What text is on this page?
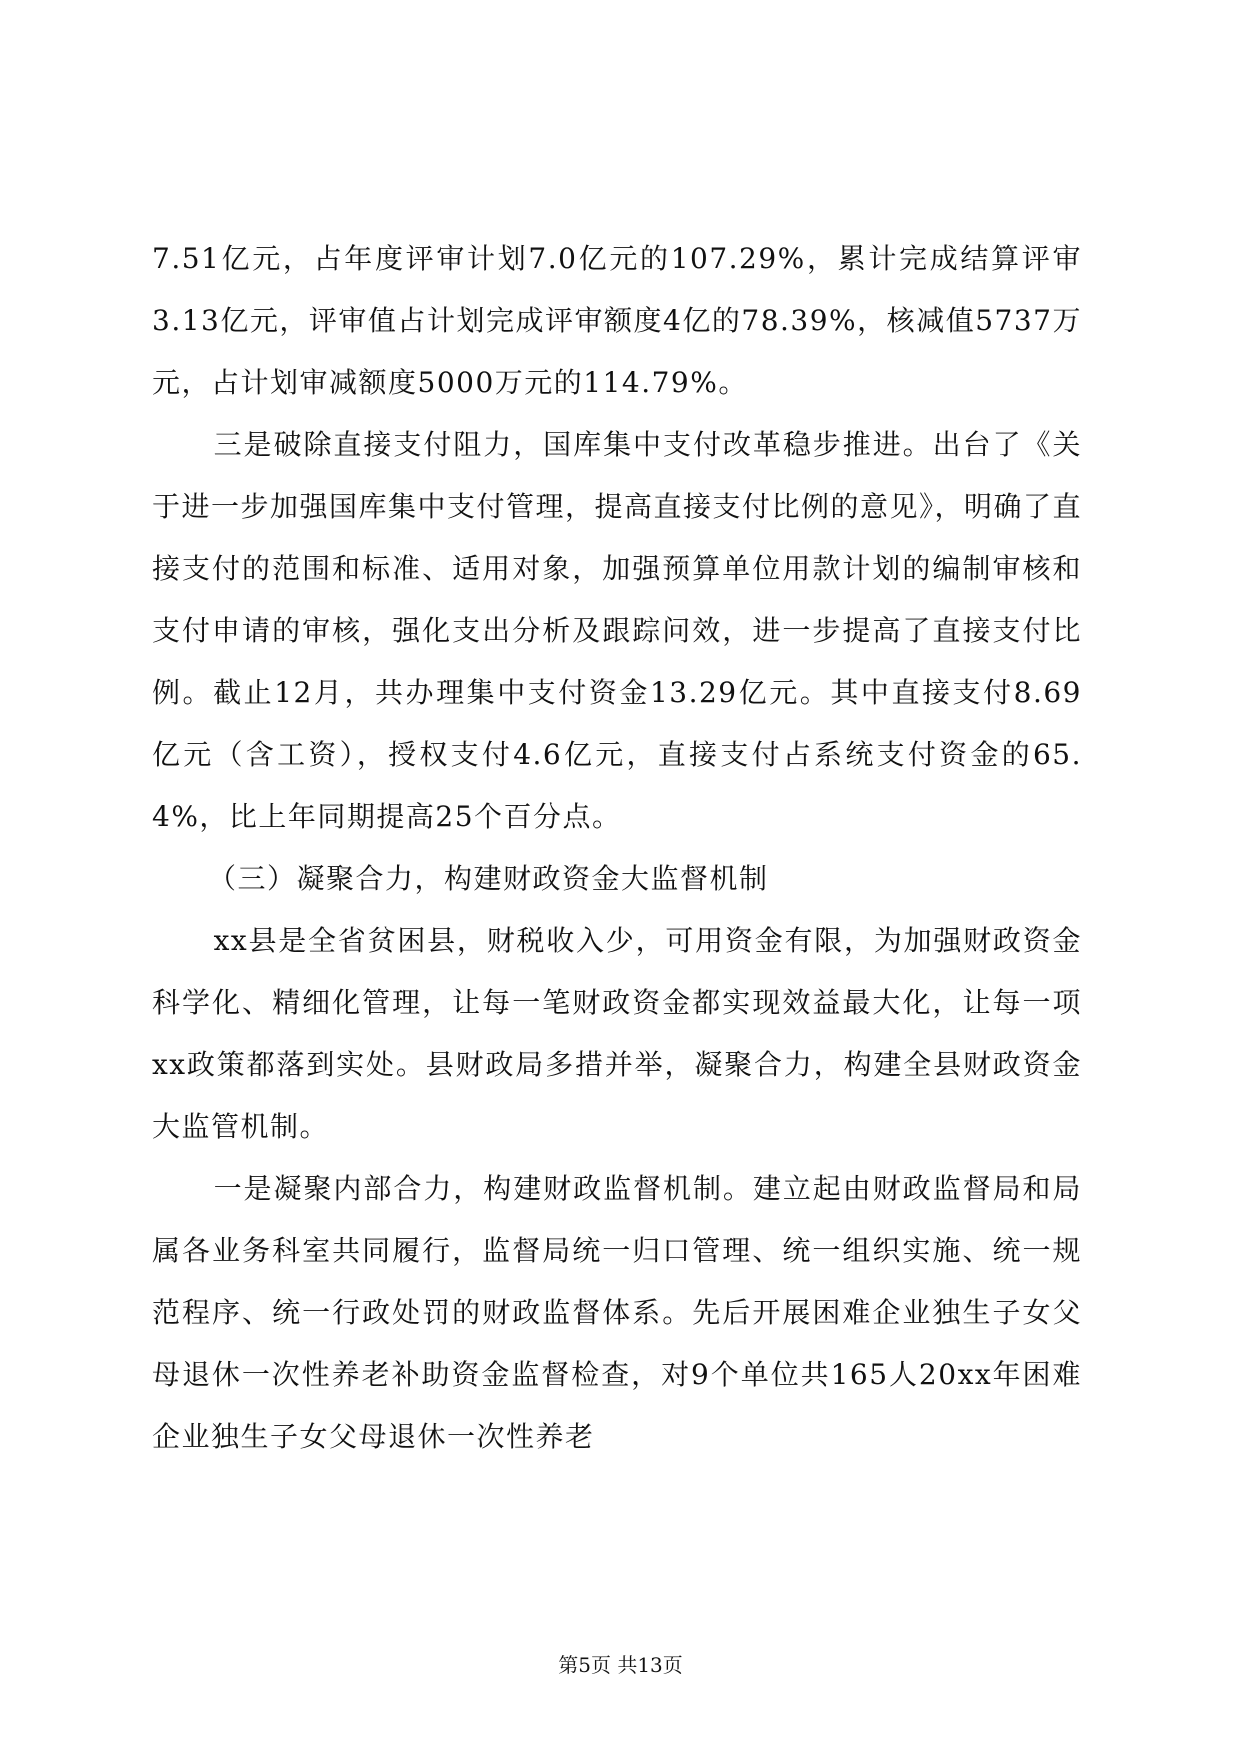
7.51亿元，占年度评审计划7.0亿元的107.29%，累计完成结算评审3.13亿元，评审值占计划完成评审额度4亿的78.39%，核减值5737万元，占计划审减额度5000万元的114.79%。

三是破除直接支付阻力，国库集中支付改革稳步推进。出台了《关于进一步加强国库集中支付管理，提高直接支付比例的意见》，明确了直接支付的范围和标准、适用对象，加强预算单位用款计划的编制审核和支付申请的审核，强化支出分析及跟踪问效，进一步提高了直接支付比例。截止12月，共办理集中支付资金13.29亿元。其中直接支付8.69亿元（含工资），授权支付4.6亿元，直接支付占系统支付资金的65.4%，比上年同期提高25个百分点。

（三）凝聚合力，构建财政资金大监督机制

xx县是全省贫困县，财税收入少，可用资金有限，为加强财政资金科学化、精细化管理，让每一笔财政资金都实现效益最大化，让每一项xx政策都落到实处。县财政局多措并举，凝聚合力，构建全县财政资金大监管机制。

一是凝聚内部合力，构建财政监督机制。建立起由财政监督局和局属各业务科室共同履行，监督局统一归口管理、统一组织实施、统一规范程序、统一行政处罚的财政监督体系。先后开展困难企业独生子女父母退休一次性养老补助资金监督检查，对9个单位共165人20xx年困难企业独生子女父母退休一次性养老

第5页 共13页
